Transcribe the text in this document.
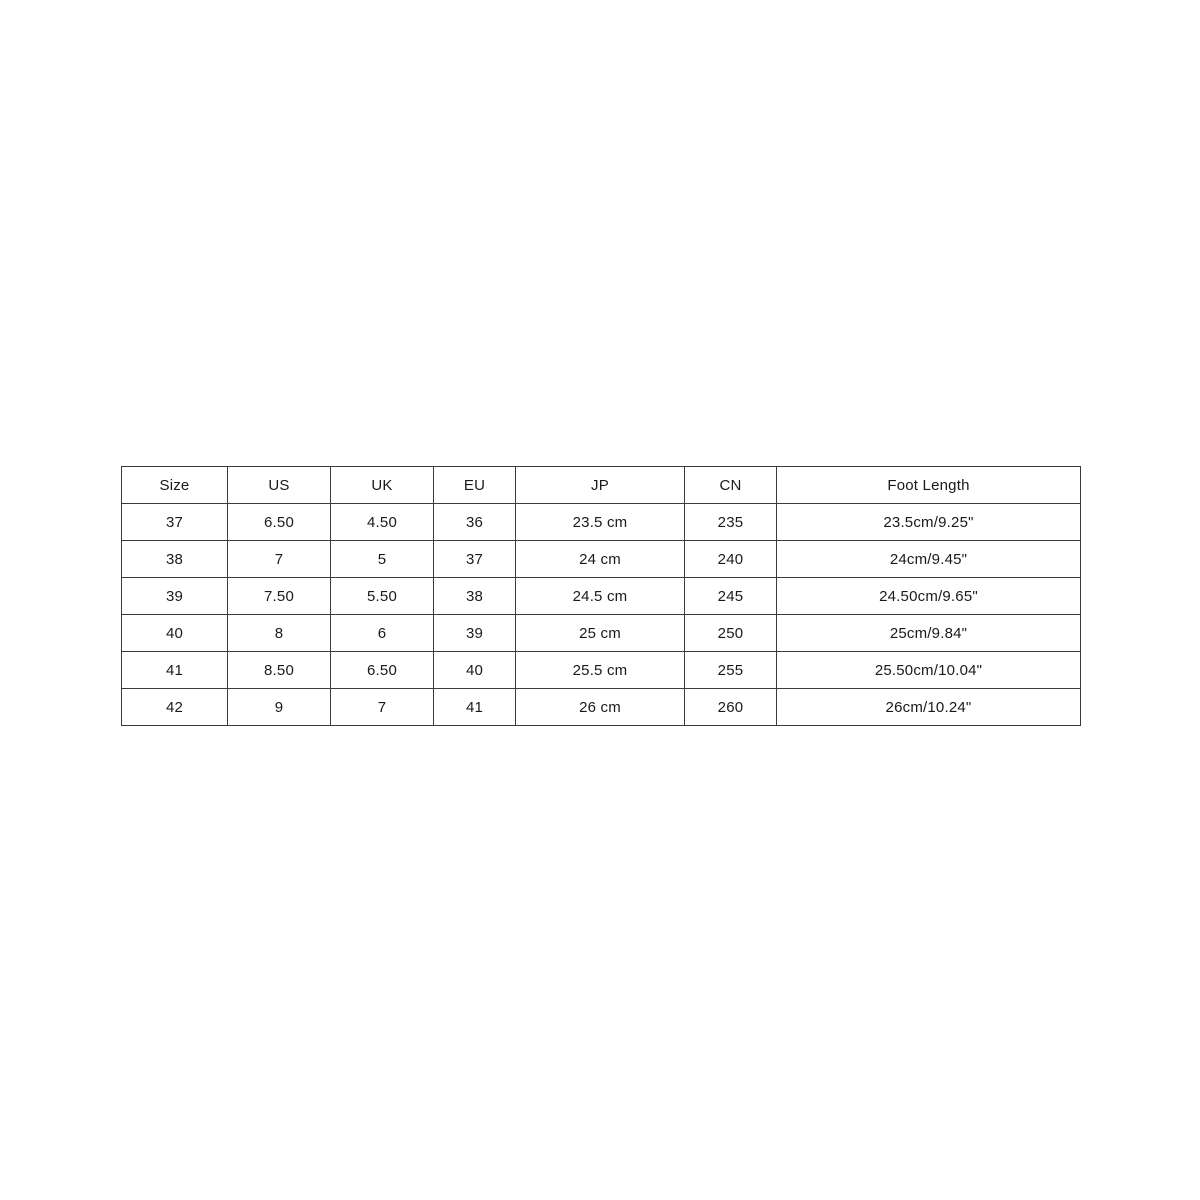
Size	US	UK	EU	JP	CN	Foot Length
37	6.50	4.50	36	23.5 cm	235	23.5cm/9.25"
38	7	5	37	24 cm	240	24cm/9.45"
39	7.50	5.50	38	24.5 cm	245	24.50cm/9.65"
40	8	6	39	25 cm	250	25cm/9.84"
41	8.50	6.50	40	25.5 cm	255	25.50cm/10.04"
42	9	7	41	26 cm	260	26cm/10.24"
